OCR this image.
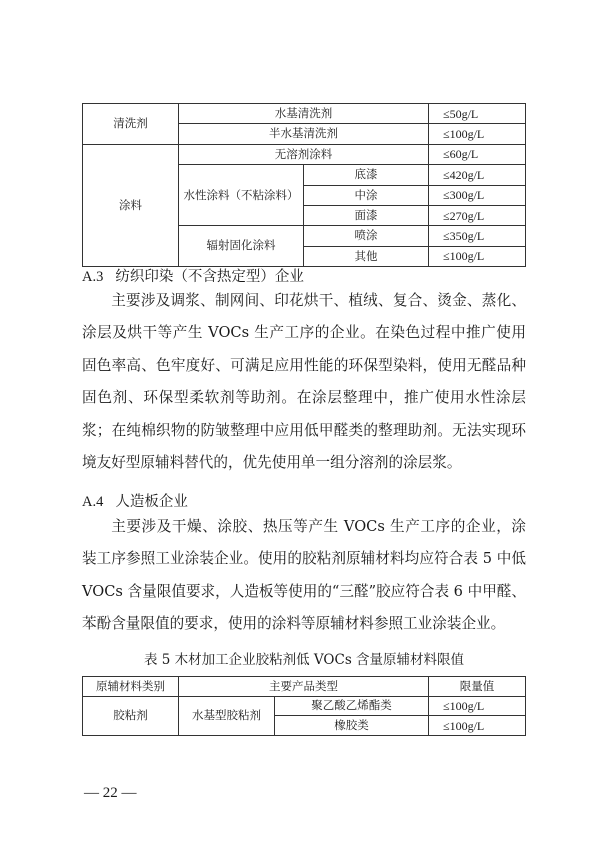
清洗剂	水基清洗剂		≤50g/L
	半水基清洗剂		≤100g/L
涂料	无溶剂涂料		≤60g/L
	水性涂料（不粘涂料）	底漆	≤420g/L
		中涂	≤300g/L
		面漆	≤270g/L
	辐射固化涂料	喷涂	≤350g/L
		其他	≤100g/L
A.3 纺织印染（不含热定型）企业

主要涉及调浆、制网间、印花烘干、植绒、复合、烫金、蒸化、涂层及烘干等产生 VOCs 生产工序的企业。在染色过程中推广使用固色率高、色牢度好、可满足应用性能的环保型染料，使用无醛品种固色剂、环保型柔软剂等助剂。在涂层整理中，推广使用水性涂层浆；在纯棉织物的防皱整理中应用低甲醛类的整理助剂。无法实现环境友好型原辅料替代的，优先使用单一组分溶剂的涂层浆。

A.4 人造板企业

主要涉及干燥、涂胶、热压等产生 VOCs 生产工序的企业，涂装工序参照工业涂装企业。使用的胶粘剂原辅材料均应符合表 5 中低 VOCs 含量限值要求，人造板等使用的“三醛”胶应符合表 6 中甲醛、苯酚含量限值的要求，使用的涂料等原辅材料参照工业涂装企业。

表 5 木材加工企业胶粘剂低 VOCs 含量原辅材料限值

原辅材料类别	主要产品类型		限量值
胶粘剂	水基型胶粘剂	聚乙酸乙烯酯类	≤100g/L
		橡胶类	≤100g/L
— 22 —
